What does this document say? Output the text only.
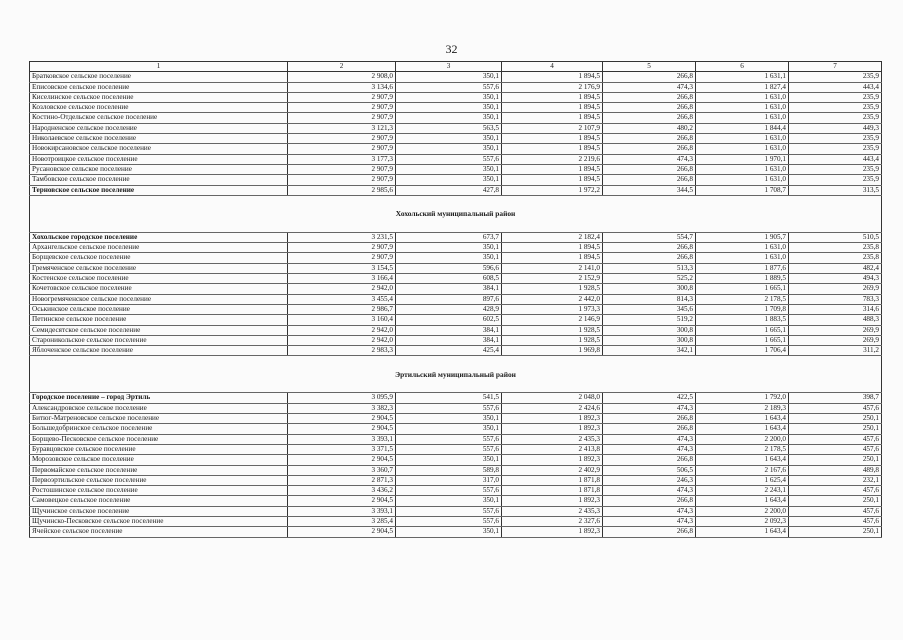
32
1	2	3	4	5	6	7
Братковское сельское поселение	2 908,0	350,1	1 894,5	266,8	1 631,1	235,9
Еписовское сельское поселение	3 134,6	557,6	2 176,9	474,3	1 827,4	443,4
Киселинское сельское поселение	2 907,9	350,1	1 894,5	266,8	1 631,0	235,9
Козловское сельское поселение	2 907,9	350,1	1 894,5	266,8	1 631,0	235,9
Костино-Отдельское сельское поселение	2 907,9	350,1	1 894,5	266,8	1 631,0	235,9
Народненское сельское поселение	3 121,3	563,5	2 107,9	480,2	1 844,4	449,3
Николаевское сельское поселение	2 907,9	350,1	1 894,5	266,8	1 631,0	235,9
Новокирсановское сельское поселение	2 907,9	350,1	1 894,5	266,8	1 631,0	235,9
Новотроицкое сельское поселение	3 177,3	557,6	2 219,6	474,3	1 970,1	443,4
Русановское сельское поселение	2 907,9	350,1	1 894,5	266,8	1 631,0	235,9
Тамбовское сельское поселение	2 907,9	350,1	1 894,5	266,8	1 631,0	235,9
Терновское сельское поселение	2 985,6	427,8	1 972,2	344,5	1 708,7	313,5
Хохольский муниципальный район						
Хохольское городское поселение	3 231,5	673,7	2 182,4	554,7	1 905,7	510,5
Архангельское сельское поселение	2 907,9	350,1	1 894,5	266,8	1 631,0	235,8
Борщевское сельское поселение	2 907,9	350,1	1 894,5	266,8	1 631,0	235,8
Гремяченское сельское поселение	3 154,5	596,6	2 141,0	513,3	1 877,6	482,4
Костенское сельское поселение	3 166,4	608,5	2 152,9	525,2	1 889,5	494,3
Кочетовское сельское поселение	2 942,0	384,1	1 928,5	300,8	1 665,1	269,9
Новогремяченское сельское поселение	3 455,4	897,6	2 442,0	814,3	2 178,5	783,3
Оськинское сельское поселение	2 986,7	428,9	1 973,3	345,6	1 709,8	314,6
Петинское сельское поселение	3 160,4	602,5	2 146,9	519,2	1 883,5	488,3
Семидесятское сельское поселение	2 942,0	384,1	1 928,5	300,8	1 665,1	269,9
Староникольское сельское поселение	2 942,0	384,1	1 928,5	300,8	1 665,1	269,9
Яблоченское сельское поселение	2 983,3	425,4	1 969,8	342,1	1 706,4	311,2
Эртильский муниципальный район						
Городское поселение – город Эртиль	3 095,9	541,5	2 048,0	422,5	1 792,0	398,7
Александровское сельское поселение	3 382,3	557,6	2 424,6	474,3	2 189,3	457,6
Битюг-Матреновское сельское поселение	2 904,5	350,1	1 892,3	266,8	1 643,4	250,1
Большедобринское сельское поселение	2 904,5	350,1	1 892,3	266,8	1 643,4	250,1
Борщево-Песковское сельское поселение	3 393,1	557,6	2 435,3	474,3	2 200,0	457,6
Буравцовское сельское поселение	3 371,5	557,6	2 413,8	474,3	2 178,5	457,6
Морозовское сельское поселение	2 904,5	350,1	1 892,3	266,8	1 643,4	250,1
Первомайское сельское поселение	3 360,7	589,8	2 402,9	506,5	2 167,6	489,8
Первоэртильское сельское поселение	2 871,3	317,0	1 871,8	246,3	1 625,4	232,1
Ростошинское сельское поселение	3 436,2	557,6	1 871,8	474,3	2 243,1	457,6
Самовецкое сельское поселение	2 904,5	350,1	1 892,3	266,8	1 643,4	250,1
Щучинское сельское поселение	3 393,1	557,6	2 435,3	474,3	2 200,0	457,6
Щучинско-Песковское сельское поселение	3 285,4	557,6	2 327,6	474,3	2 092,3	457,6
Ячейское сельское поселение	2 904,5	350,1	1 892,3	266,8	1 643,4	250,1
